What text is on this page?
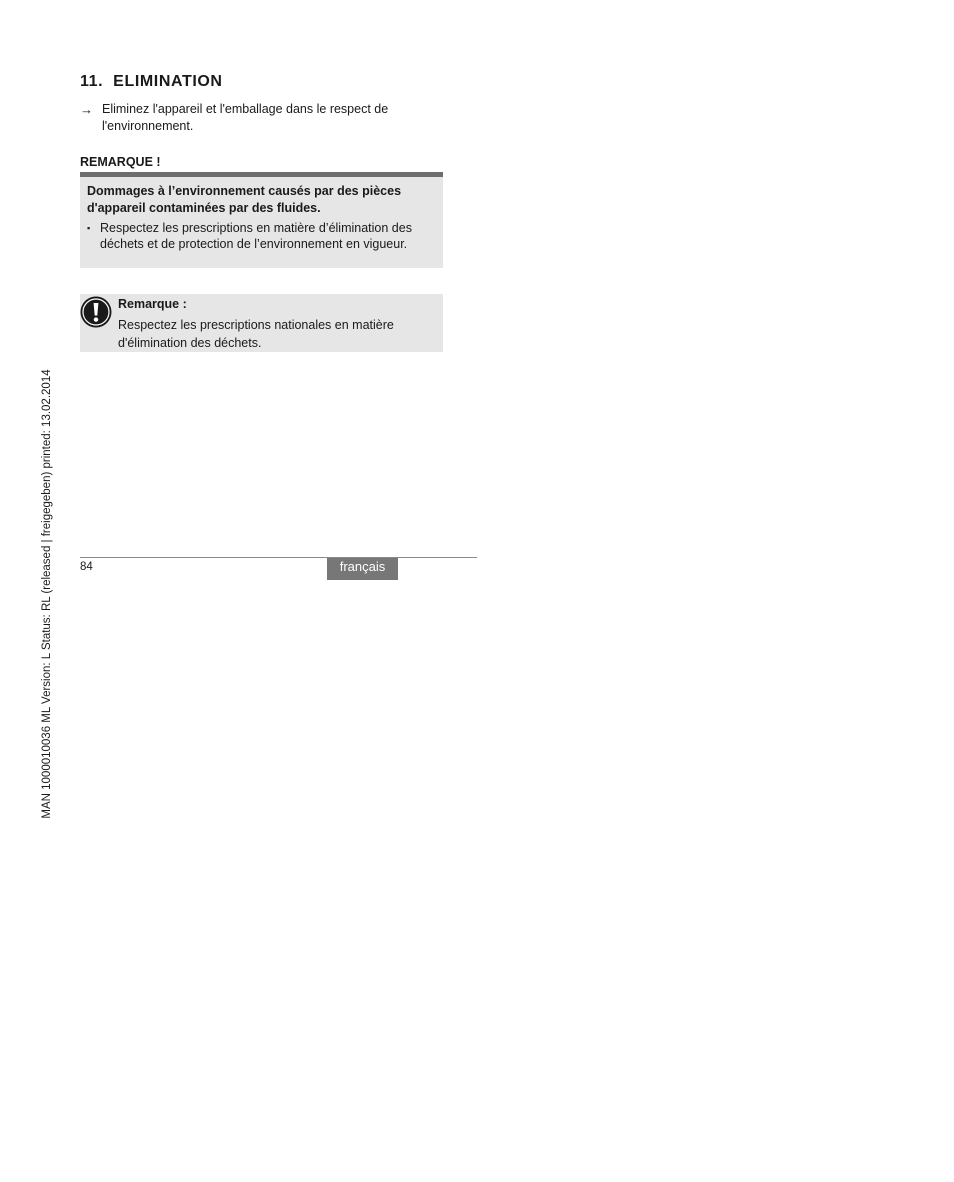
11. ELIMINATION
→ Eliminez l'appareil et l'emballage dans le respect de l'environnement.

REMARQUE !

Dommages à l’environnement causés par des pièces d'appareil contaminées par des fluides.

▪ Respectez les prescriptions en matière d’élimination des déchets et de protection de l’environnement en vigueur.
Remarque :
Respectez les prescriptions nationales en matière d'élimination des déchets.
84	français
MAN 1000010036 ML Version: L Status: RL (released | freigegeben) printed: 13.02.2014
